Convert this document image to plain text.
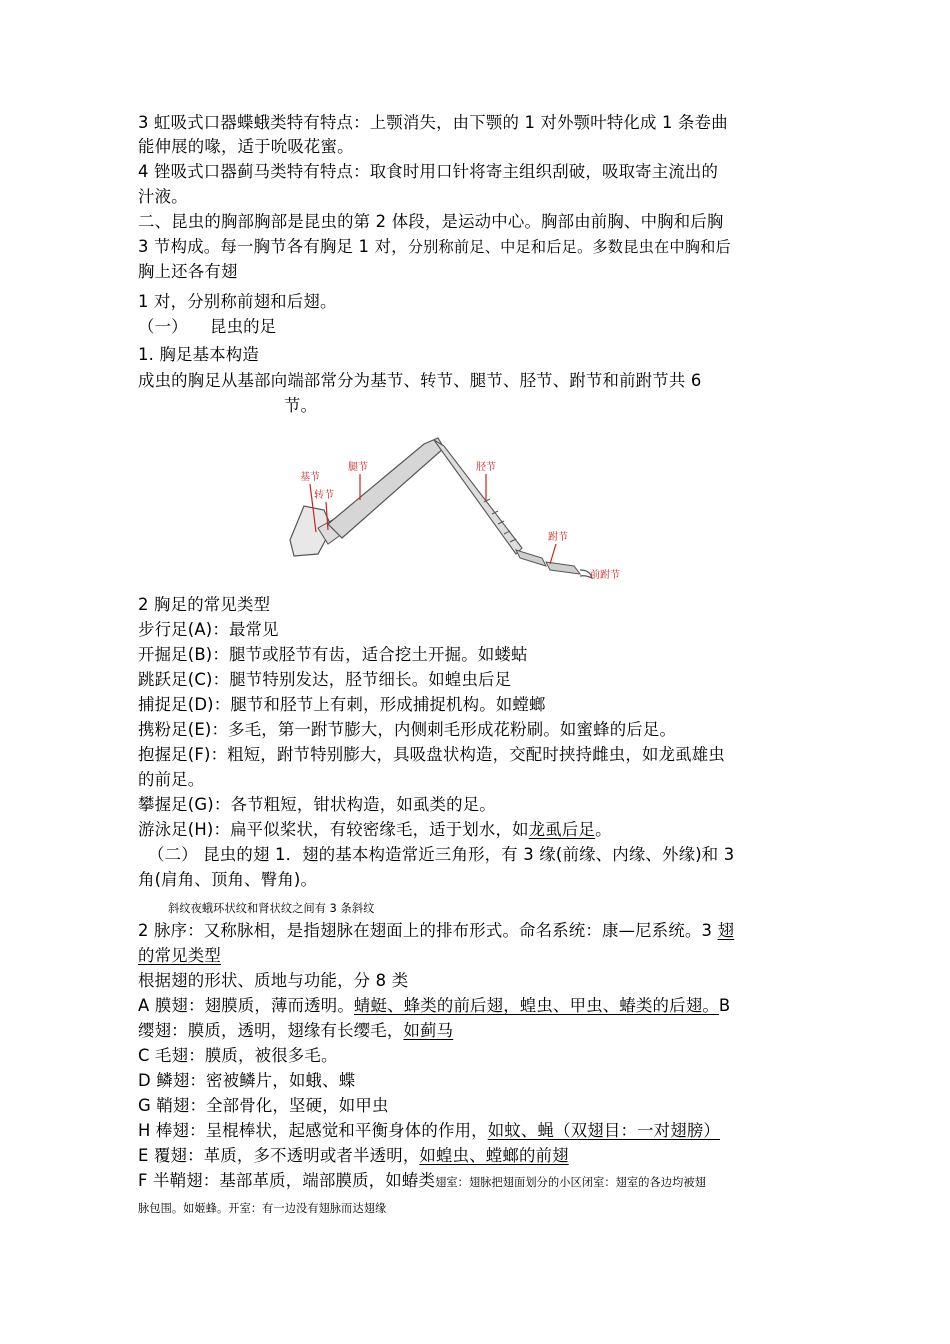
3 虹吸式口器蝶蛾类特有特点：上颚消失，由下颚的 1 对外颚叶特化成 1 条卷曲

能伸展的喙，适于吮吸花蜜。

4 锉吸式口器蓟马类特有特点：取食时用口针将寄主组织刮破，吸取寄主流出的

汁液。

二、昆虫的胸部胸部是昆虫的第 2 体段，是运动中心。胸部由前胸、中胸和后胸

3 节构成。每一胸节各有胸足 1 对，分别称前足、中足和后足。多数昆虫在中胸和后

胸上还各有翅

1 对，分别称前翅和后翅。

（一） 昆虫的足

1. 胸足基本构造

成虫的胸足从基部向端部常分为基节、转节、腿节、胫节、跗节和前跗节共 6

节。

基节
转节
腿节	胫节
跗节
前跗节

2 胸足的常见类型

步行足(A)：最常见

开掘足(B)：腿节或胫节有齿，适合挖土开掘。如蝼蛄

跳跃足(C)：腿节特别发达，胫节细长。如蝗虫后足

捕捉足(D)：腿节和胫节上有刺，形成捕捉机构。如螳螂

携粉足(E)：多毛，第一跗节膨大，内侧刺毛形成花粉刷。如蜜蜂的后足。

抱握足(F)：粗短，跗节特别膨大，具吸盘状构造，交配时挟持雌虫，如龙虱雄虫

的前足。

攀握足(G)：各节粗短，钳状构造，如虱类的足。

游泳足(H)：扁平似桨状，有较密缘毛，适于划水，如龙虱后足。

（二） 昆虫的翅 1．翅的基本构造常近三角形，有 3 缘(前缘、内缘、外缘)和 3

角(肩角、顶角、臀角)。

斜纹夜蛾环状纹和肾状纹之间有 3 条斜纹

2 脉序：又称脉相，是指翅脉在翅面上的排布形式。命名系统：康—尼系统。3 翅

的常见类型

根据翅的形状、质地与功能，分 8 类

A 膜翅：翅膜质，薄而透明。蜻蜓、蜂类的前后翅，蝗虫、甲虫、蝽类的后翅。B

缨翅：膜质，透明，翅缘有长缨毛，如蓟马

C 毛翅：膜质，被很多毛。

D 鳞翅：密被鳞片，如蛾、蝶

G 鞘翅：全部骨化，坚硬，如甲虫

H 棒翅：呈棍棒状，起感觉和平衡身体的作用，如蚊、蝇（双翅目：一对翅膀）

E 覆翅：革质，多不透明或者半透明，如蝗虫、螳螂的前翅

F 半鞘翅：基部革质，端部膜质，如蝽类翅室：翅脉把翅面划分的小区闭室：翅室的各边均被翅

脉包围。如姬蜂。开室：有一边没有翅脉而达翅缘
